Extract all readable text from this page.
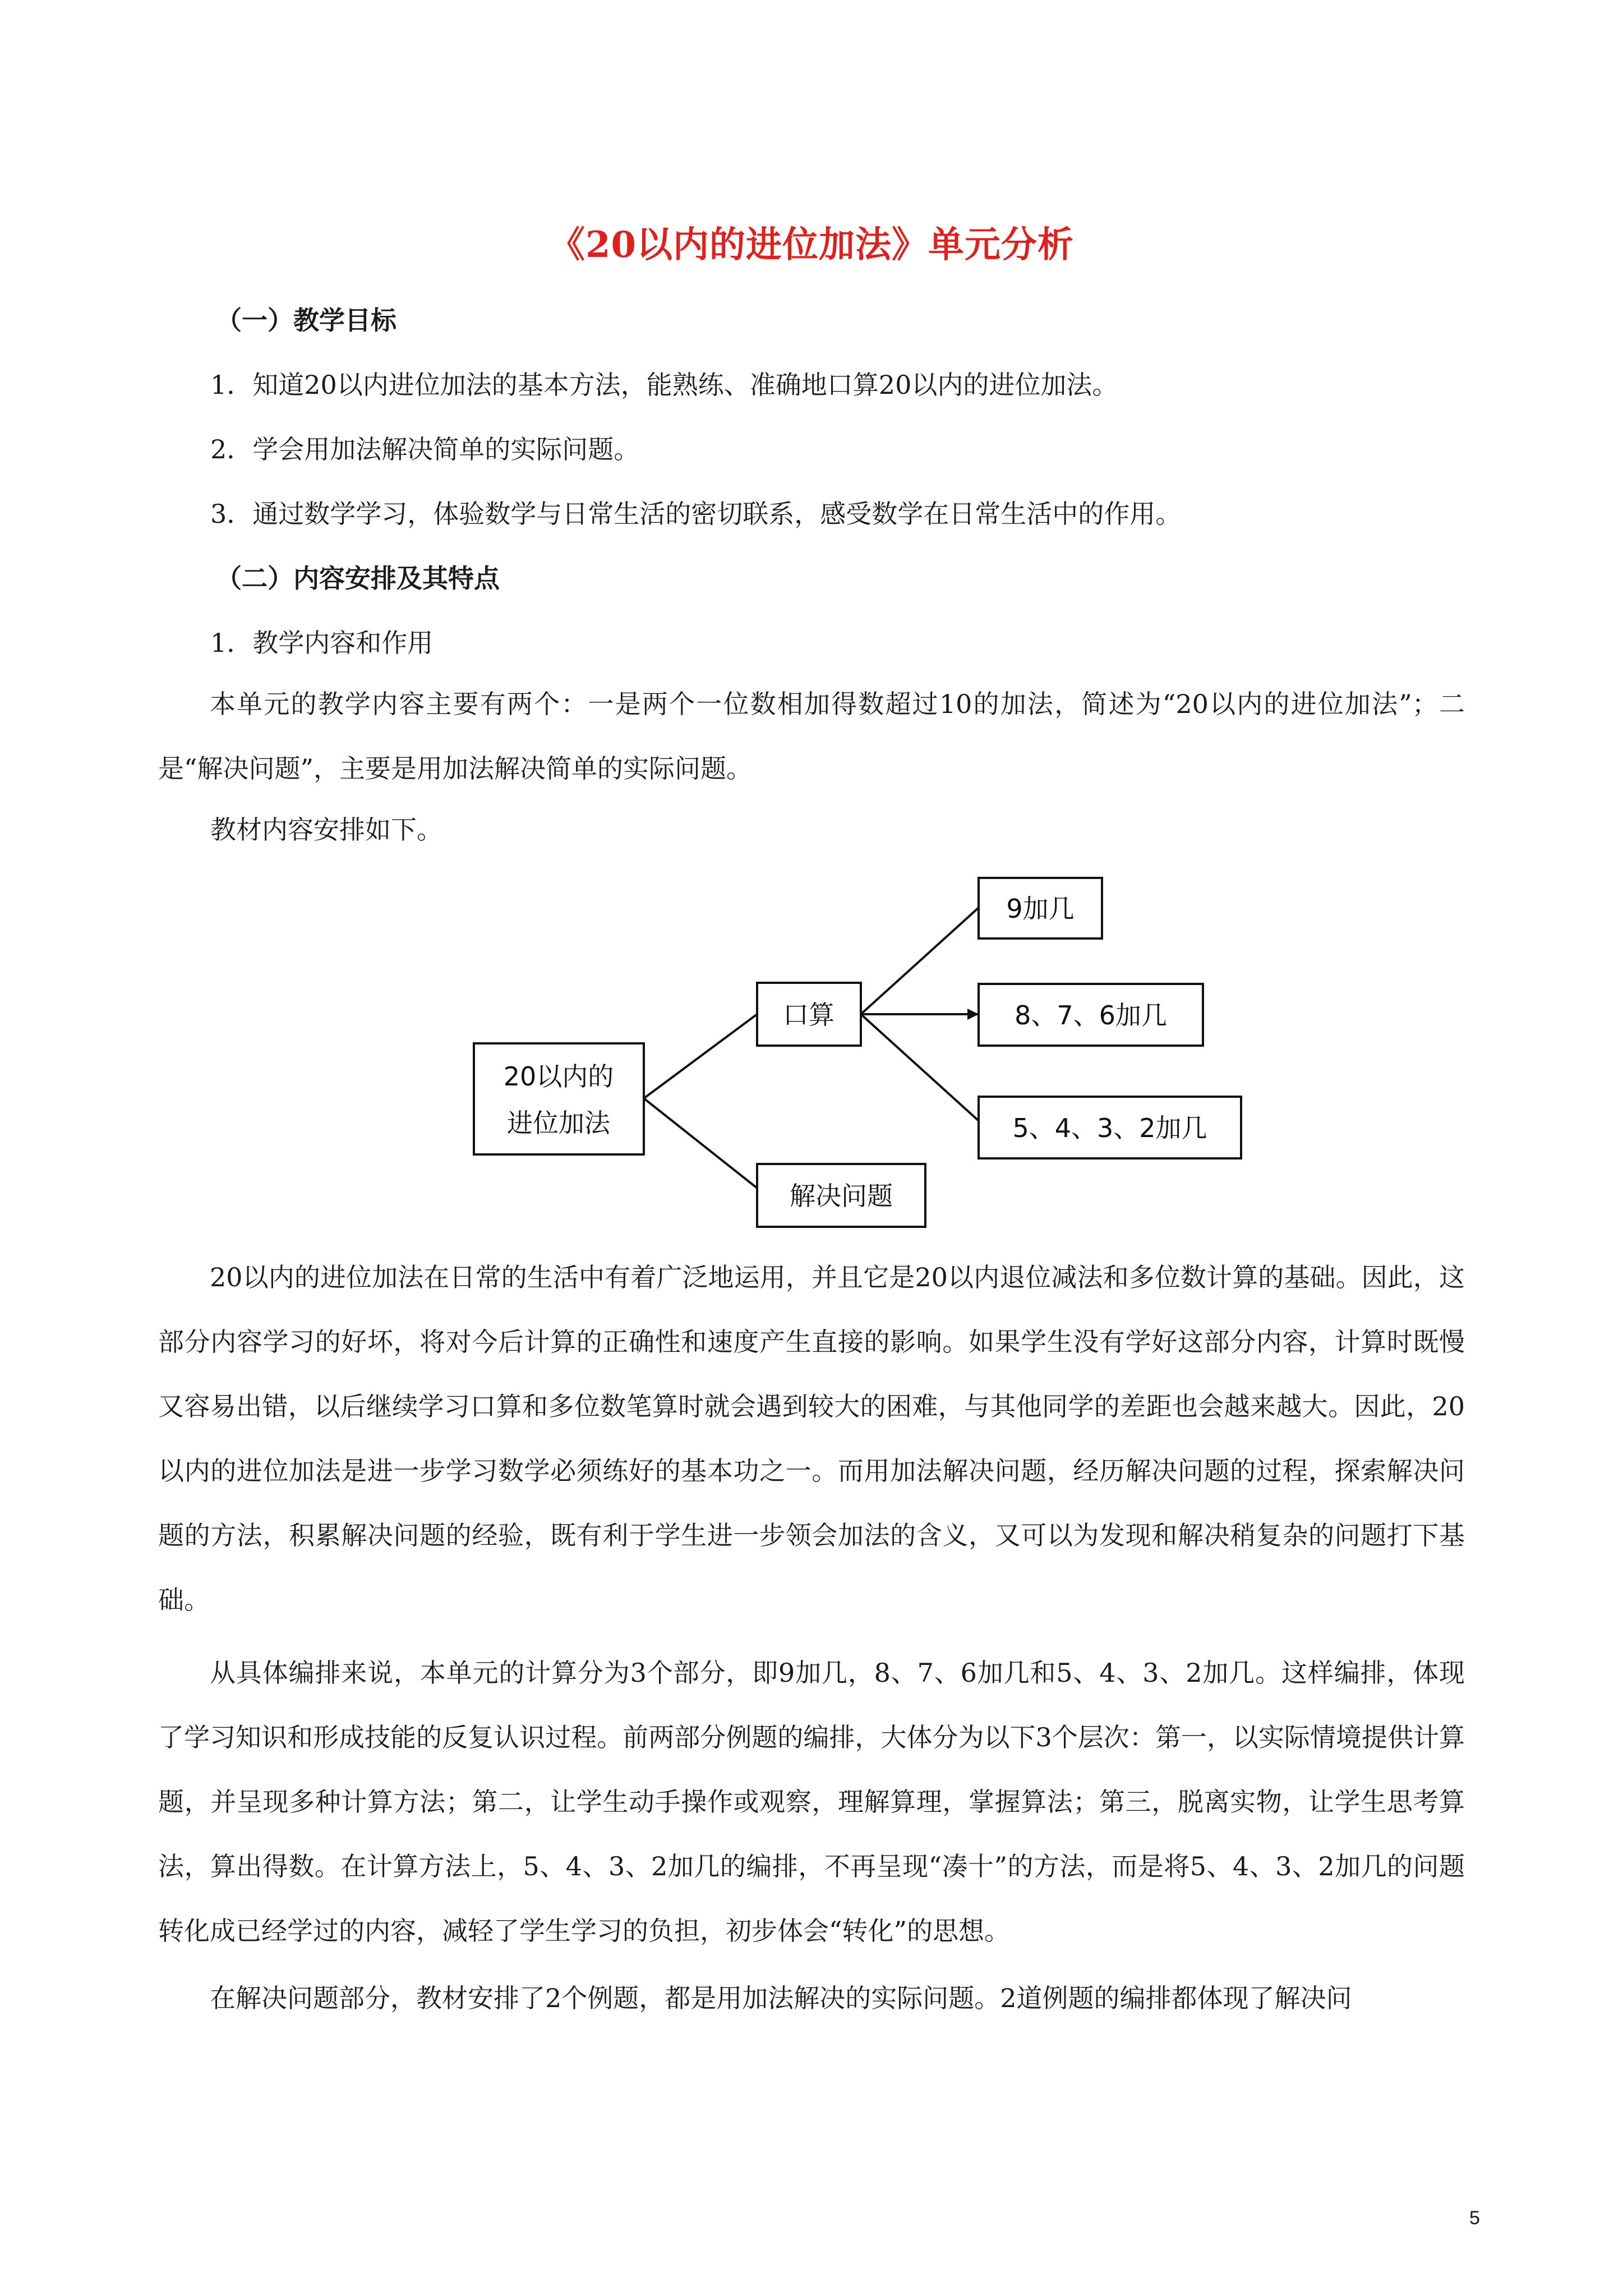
《20以内的进位加法》单元分析
（一）教学目标
1．知道20以内进位加法的基本方法，能熟练、准确地口算20以内的进位加法。
2．学会用加法解决简单的实际问题。
3．通过数学学习，体验数学与日常生活的密切联系，感受数学在日常生活中的作用。
（二）内容安排及其特点
1．教学内容和作用
本单元的教学内容主要有两个：一是两个一位数相加得数超过10的加法，简述为“20以内的进位加法”；二是“解决问题”，主要是用加法解决简单的实际问题。
教材内容安排如下。
20以内的
进位加法
口算
解决问题
9加几
8、7、6加几
5、4、3、2加几
20以内的进位加法在日常的生活中有着广泛地运用，并且它是20以内退位减法和多位数计算的基础。因此，这部分内容学习的好坏，将对今后计算的正确性和速度产生直接的影响。如果学生没有学好这部分内容，计算时既慢又容易出错，以后继续学习口算和多位数笔算时就会遇到较大的困难，与其他同学的差距也会越来越大。因此，20以内的进位加法是进一步学习数学必须练好的基本功之一。而用加法解决问题，经历解决问题的过程，探索解决问题的方法，积累解决问题的经验，既有利于学生进一步领会加法的含义，又可以为发现和解决稍复杂的问题打下基础。
从具体编排来说，本单元的计算分为3个部分，即9加几，8、7、6加几和5、4、3、2加几。这样编排，体现了学习知识和形成技能的反复认识过程。前两部分例题的编排，大体分为以下3个层次：第一，以实际情境提供计算题，并呈现多种计算方法；第二，让学生动手操作或观察，理解算理，掌握算法；第三，脱离实物，让学生思考算法，算出得数。在计算方法上，5、4、3、2加几的编排，不再呈现“凑十”的方法，而是将5、4、3、2加几的问题转化成已经学过的内容，减轻了学生学习的负担，初步体会“转化”的思想。
在解决问题部分，教材安排了2个例题，都是用加法解决的实际问题。2道例题的编排都体现了解决问
5
